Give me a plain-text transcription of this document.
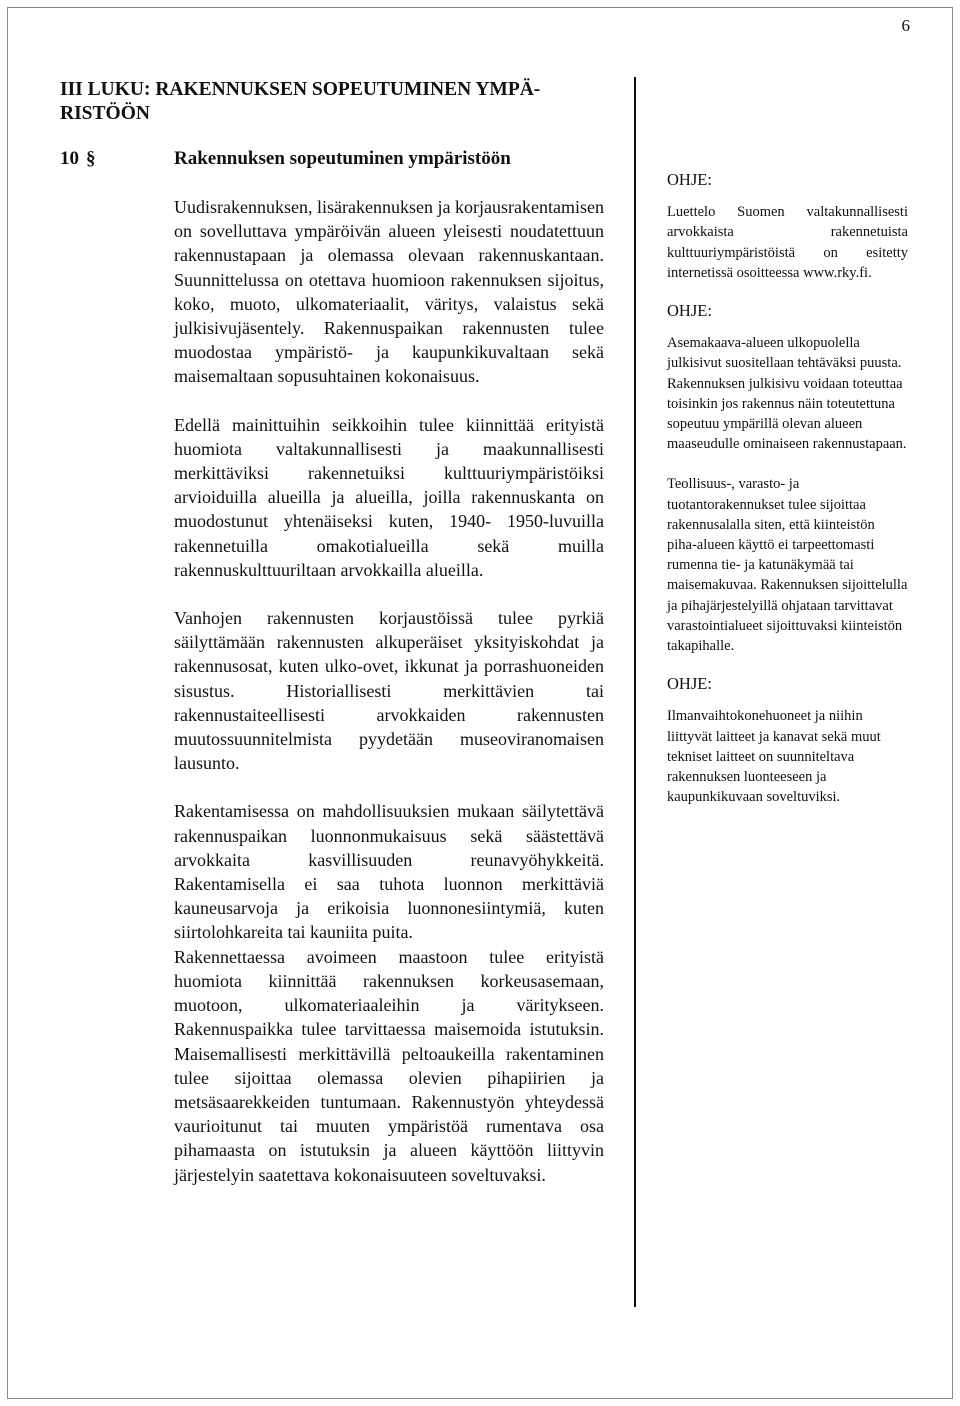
6
III LUKU: RAKENNUKSEN SOPEUTUMINEN YMPÄ-RISTÖÖN
10 §	Rakennuksen sopeutuminen ympäristöön

Uudisrakennuksen, lisärakennuksen ja korjausrakentamisen on sovelluttava ympäröivän alueen yleisesti noudatettuun rakennustapaan ja olemassa olevaan rakennuskantaan. Suunnittelussa on otettava huomioon rakennuksen sijoitus, koko, muoto, ulkomateriaalit, väritys, valaistus sekä julkisivujäsentely. Rakennuspaikan rakennusten tulee muodostaa ympäristö- ja kaupunkikuvaltaan sekä maisemaltaan sopusuhtainen kokonaisuus.

Edellä mainittuihin seikkoihin tulee kiinnittää erityistä huomiota valtakunnallisesti ja maakunnallisesti merkittäviksi rakennetuiksi kulttuuriympäristöiksi arvioiduilla alueilla ja alueilla, joilla rakennuskanta on muodostunut yhtenäiseksi kuten, 1940- 1950-luvuilla rakennetuilla omakotialueilla sekä muilla rakennuskulttuuriltaan arvokkailla alueilla.

Vanhojen rakennusten korjaustöissä tulee pyrkiä säilyttämään rakennusten alkuperäiset yksityiskohdat ja rakennusosat, kuten ulko-ovet, ikkunat ja porrashuoneiden sisustus. Historiallisesti merkittävien tai rakennustaiteellisesti arvokkaiden rakennusten muutossuunnitelmista pyydetään museoviranomaisen lausunto.

Rakentamisessa on mahdollisuuksien mukaan säilytettävä rakennuspaikan luonnonmukaisuus sekä säästettävä arvokkaita kasvillisuuden reunavyöhykkeitä. Rakentamisella ei saa tuhota luonnon merkittäviä kauneusarvoja ja erikoisia luonnonesiintymiä, kuten siirtolohkareita tai kauniita puita.

Rakennettaessa avoimeen maastoon tulee erityistä huomiota kiinnittää rakennuksen korkeusasemaan, muotoon, ulkomateriaaleihin ja väritykseen. Rakennuspaikka tulee tarvittaessa maisemoida istutuksin. Maisemallisesti merkittävillä peltoaukeilla rakentaminen tulee sijoittaa olemassa olevien pihapiirien ja metsäsaarekkeiden tuntumaan. Rakennustyön yhteydessä vaurioitunut tai muuten ympäristöä rumentava osa pihamaasta on istutuksin ja alueen käyttöön liittyvin järjestelyin saatettava kokonaisuuteen soveltuvaksi.

OHJE:

Luettelo Suomen valtakunnallisesti arvokkaista rakennetuista kulttuuriympäristöistä on esitetty internetissä osoitteessa www.rky.fi.

OHJE:

Asemakaava-alueen ulkopuolella julkisivut suositellaan tehtäväksi puusta. Rakennuksen julkisivu voidaan toteuttaa toisinkin jos rakennus näin toteutettuna sopeutuu ympärillä olevan alueen maaseudulle ominaiseen rakennustapaan.

Teollisuus-, varasto- ja tuotantorakennukset tulee sijoittaa rakennusalalla siten, että kiinteistön piha-alueen käyttö ei tarpeettomasti rumenna tie- ja katunäkymää tai maisemakuvaa. Rakennuksen sijoittelulla ja pihajärjestelyillä ohjataan tarvittavat varastointialueet sijoittuvaksi kiinteistön takapihalle.

OHJE:

Ilmanvaihtokonehuoneet ja niihin liittyvät laitteet ja kanavat sekä muut tekniset laitteet on suunniteltava rakennuksen luonteeseen ja kaupunkikuvaan soveltuviksi.
